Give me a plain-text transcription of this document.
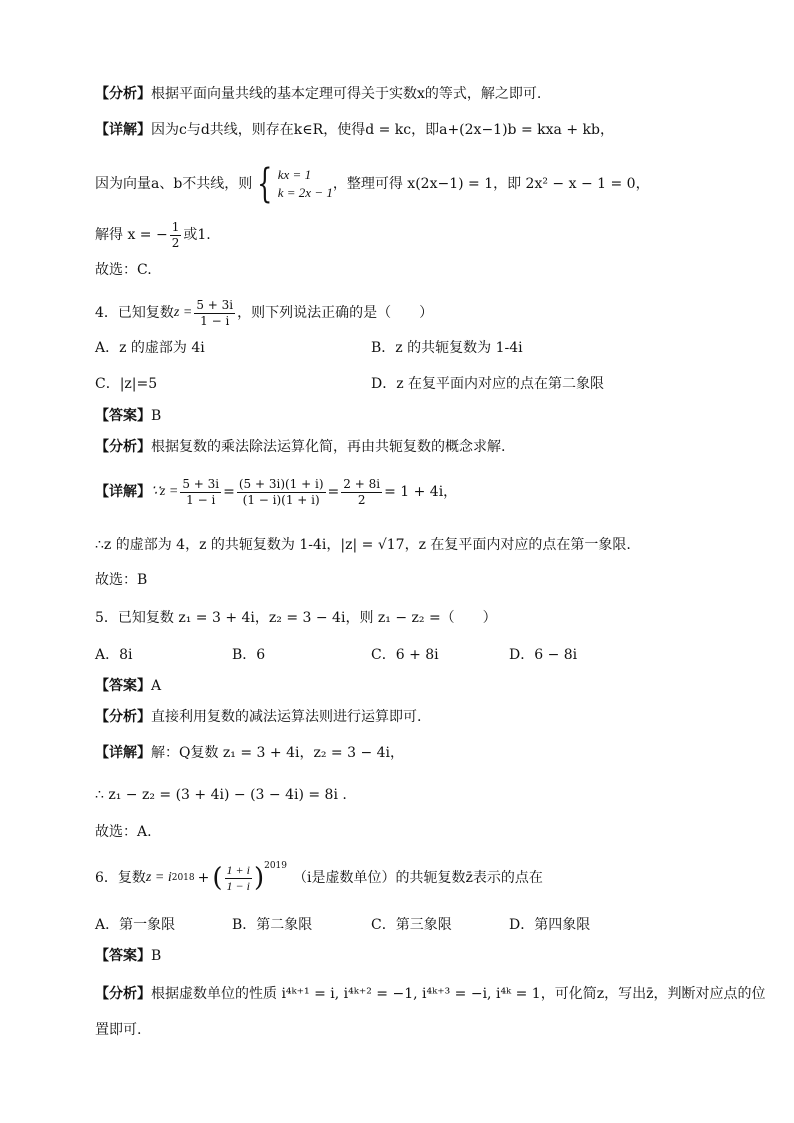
【分析】根据平面向量共线的基本定理可得关于实数x的等式，解之即可.
【详解】因为c与d共线，则存在k∈R，使得d = kc，即a+(2x−1)b = kxa + kb，
因为向量a、b不共线，则 { kx = 1
k = 2x − 1
，整理可得 x(2x−1) = 1，即 2x² − x − 1 = 0，
解得 x = − $\frac{1}{2}$ 或1.
故选：C.
4．已知复数 $z = \frac{5 + 3i}{1 - i}$ ，则下列说法正确的是（　　）
A．z 的虚部为 4i	B．z 的共轭复数为 1-4i
C．|z|=5	D．z 在复平面内对应的点在第二象限
【答案】B
【分析】根据复数的乘法除法运算化简，再由共轭复数的概念求解.
【详解】 ∵z = $\frac{5 + 3i}{1 - i} = \frac{(5 + 3i)(1 + i)}{(1 - i)(1 + i)} = \frac{2 + 8i}{2} = 1 + 4i$，
∴z 的虚部为 4，z 的共轭复数为 1-4i，|z| = √17，z 在复平面内对应的点在第一象限.
故选：B
5．已知复数 z₁ = 3 + 4i，z₂ = 3 − 4i，则 z₁ − z₂ =（　　）
A．8i	B．6	C．6 + 8i	D．6 − 8i
【答案】A
【分析】直接利用复数的减法运算法则进行运算即可.
【详解】解：Q复数 z₁ = 3 + 4i，z₂ = 3 − 4i，
∴ z₁ − z₂ = (3 + 4i) − (3 − 4i) = 8i .
故选：A.
6．复数 z = i 2018 + ( $\frac{1 + i}{1 - i}$ ) 2019
（i是虚数单位）的共轭复数z̄表示的点在
A．第一象限	B．第二象限	C．第三象限	D．第四象限
【答案】B
【分析】根据虚数单位的性质 i⁴ᵏ⁺¹ = i, i⁴ᵏ⁺² = −1, i⁴ᵏ⁺³ = −i, i⁴ᵏ = 1，可化简z，写出z̄，判断对应点的位
置即可.
